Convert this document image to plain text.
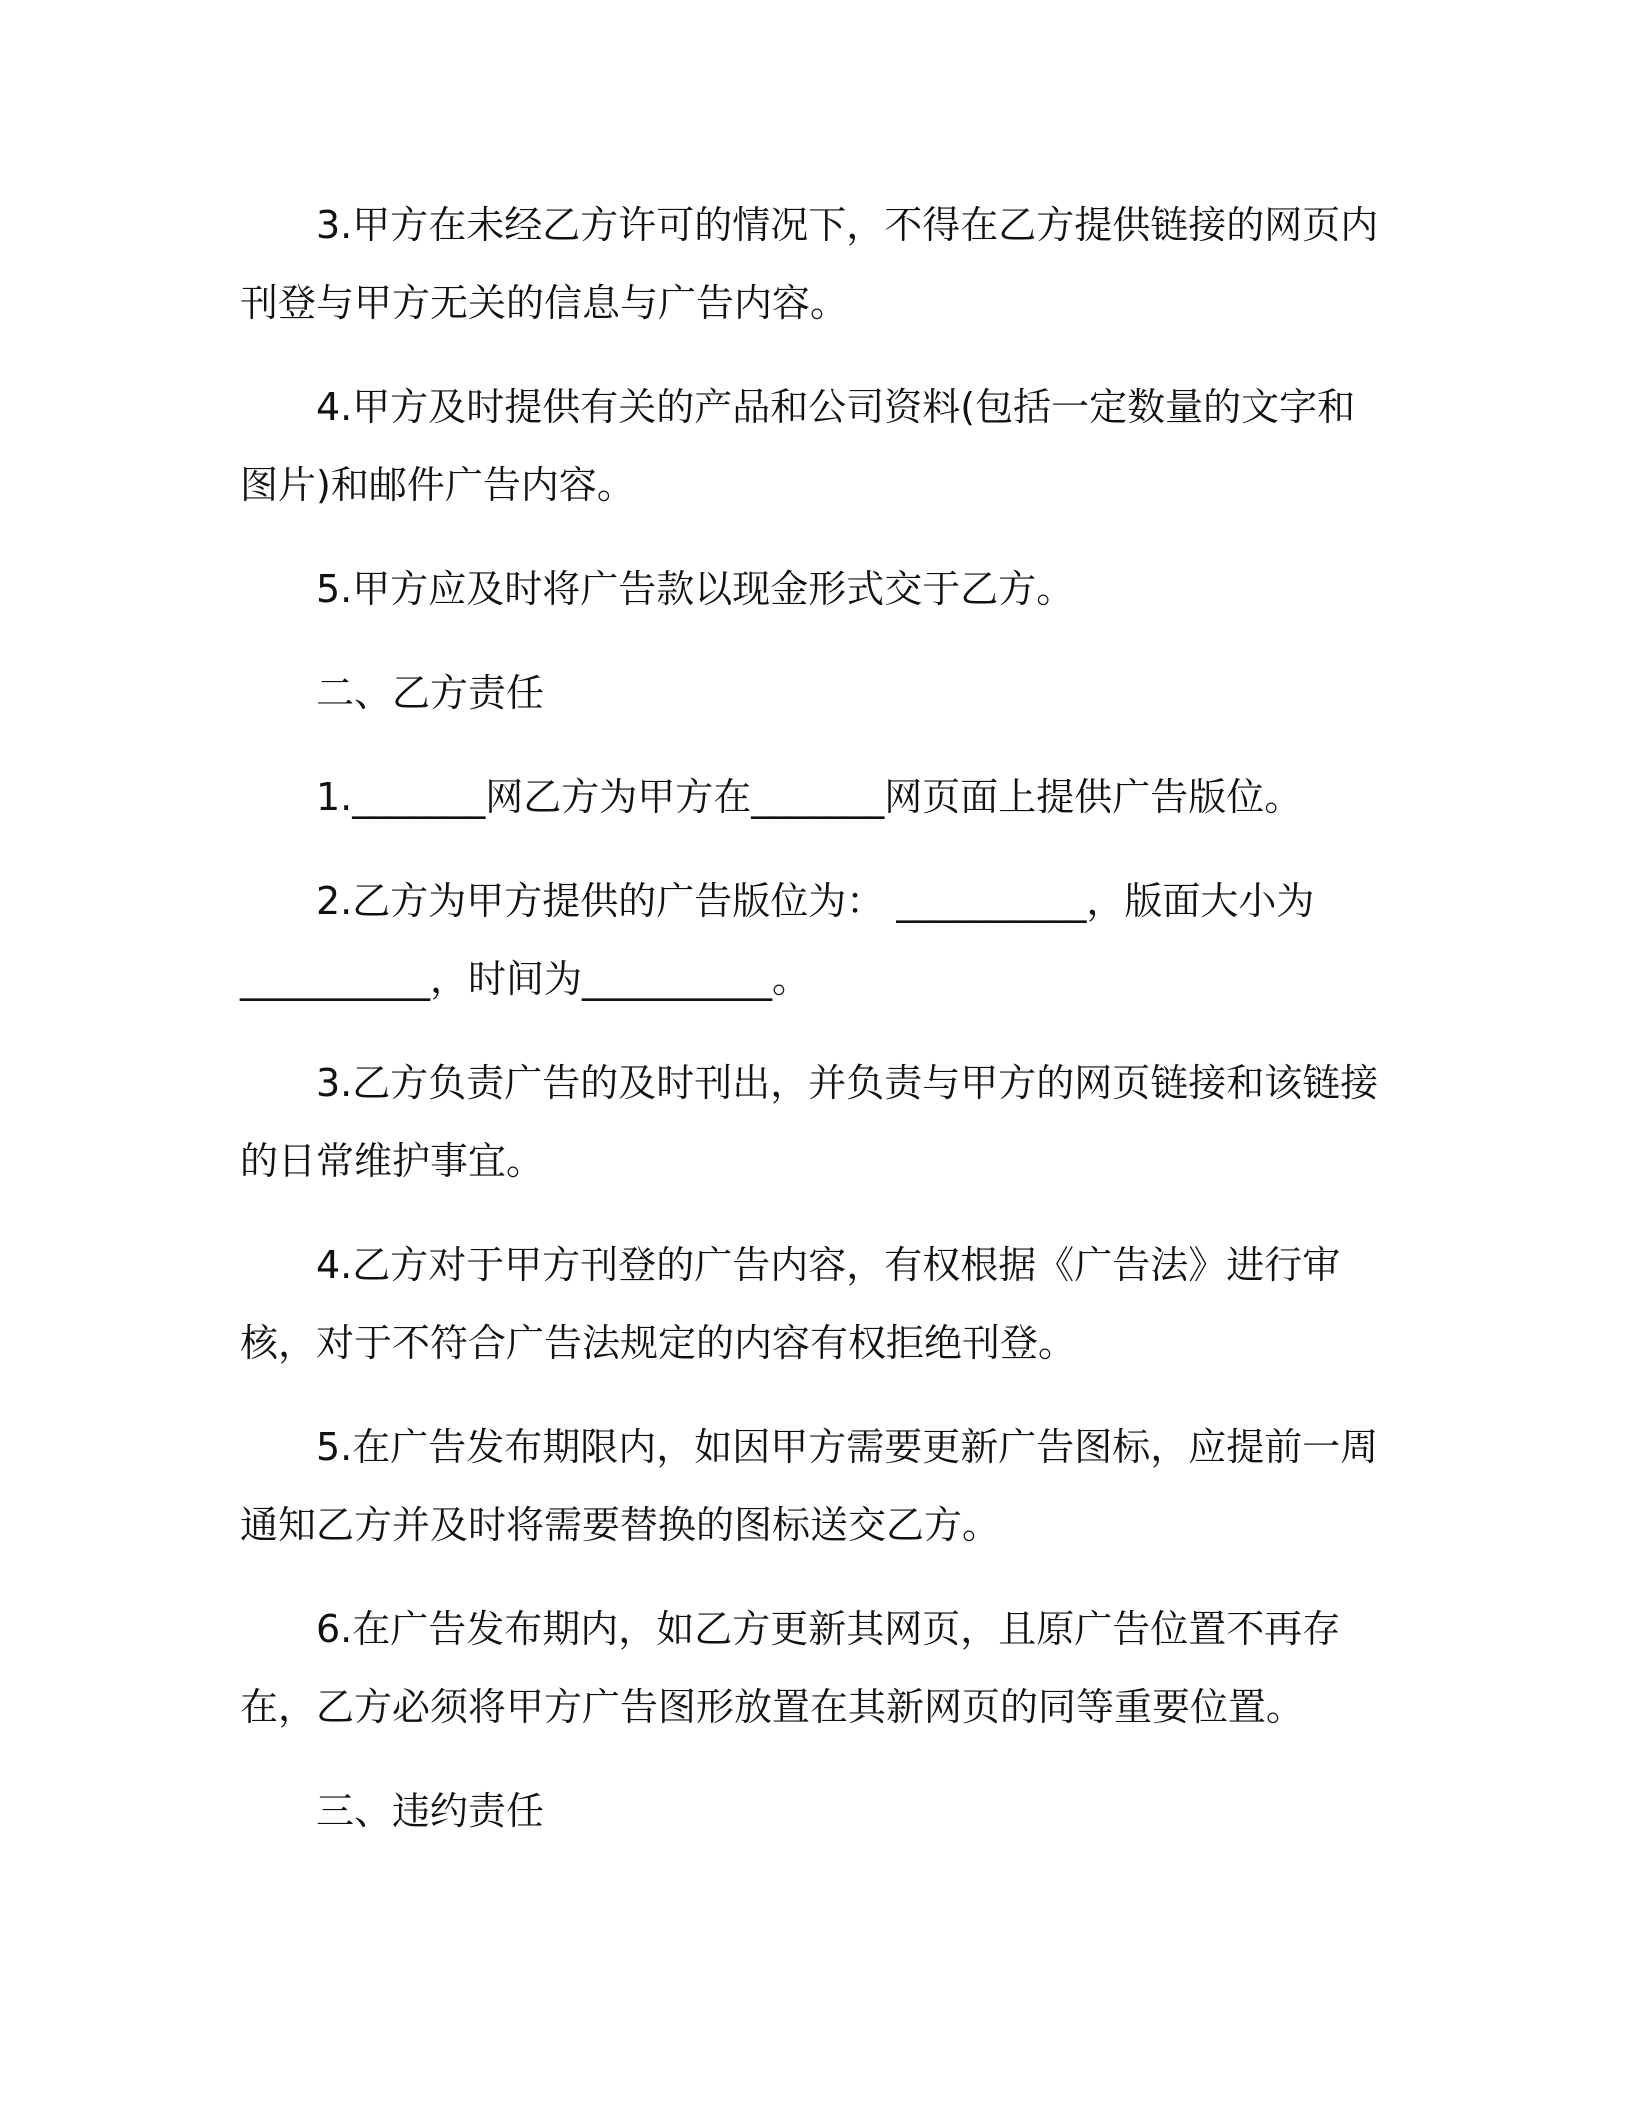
3.甲方在未经乙方许可的情况下，不得在乙方提供链接的网页内刊登与甲方无关的信息与广告内容。

4.甲方及时提供有关的产品和公司资料(包括一定数量的文字和图片)和邮件广告内容。

5.甲方应及时将广告款以现金形式交于乙方。

二、乙方责任

1._______网乙方为甲方在_______网页面上提供广告版位。

2.乙方为甲方提供的广告版位为： __________，版面大小为__________，时间为__________。

3.乙方负责广告的及时刊出，并负责与甲方的网页链接和该链接的日常维护事宜。

4.乙方对于甲方刊登的广告内容，有权根据《广告法》进行审核，对于不符合广告法规定的内容有权拒绝刊登。

5.在广告发布期限内，如因甲方需要更新广告图标，应提前一周通知乙方并及时将需要替换的图标送交乙方。

6.在广告发布期内，如乙方更新其网页，且原广告位置不再存在，乙方必须将甲方广告图形放置在其新网页的同等重要位置。

三、违约责任
